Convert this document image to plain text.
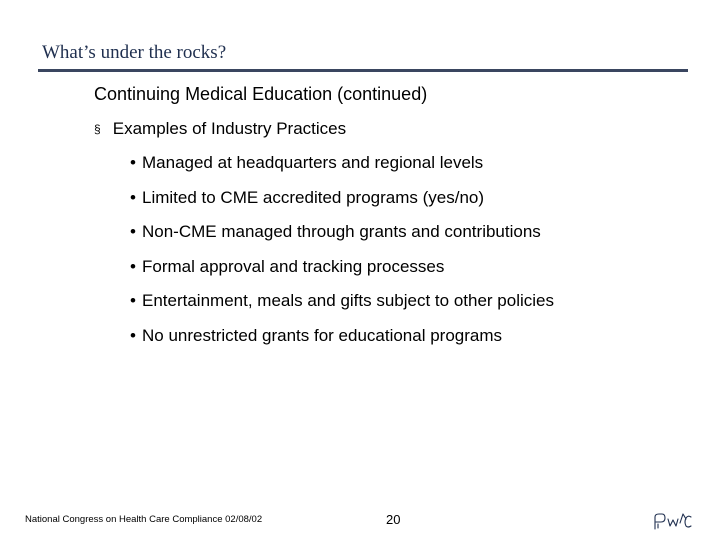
What’s under the rocks?
Continuing Medical Education (continued)
§ Examples of Industry Practices
• Managed at headquarters and regional levels
• Limited to CME accredited programs (yes/no)
• Non-CME managed through grants and contributions
• Formal approval and tracking processes
• Entertainment, meals and gifts subject to other policies
• No unrestricted grants for educational programs
National Congress on Health Care Compliance 02/08/02	20
